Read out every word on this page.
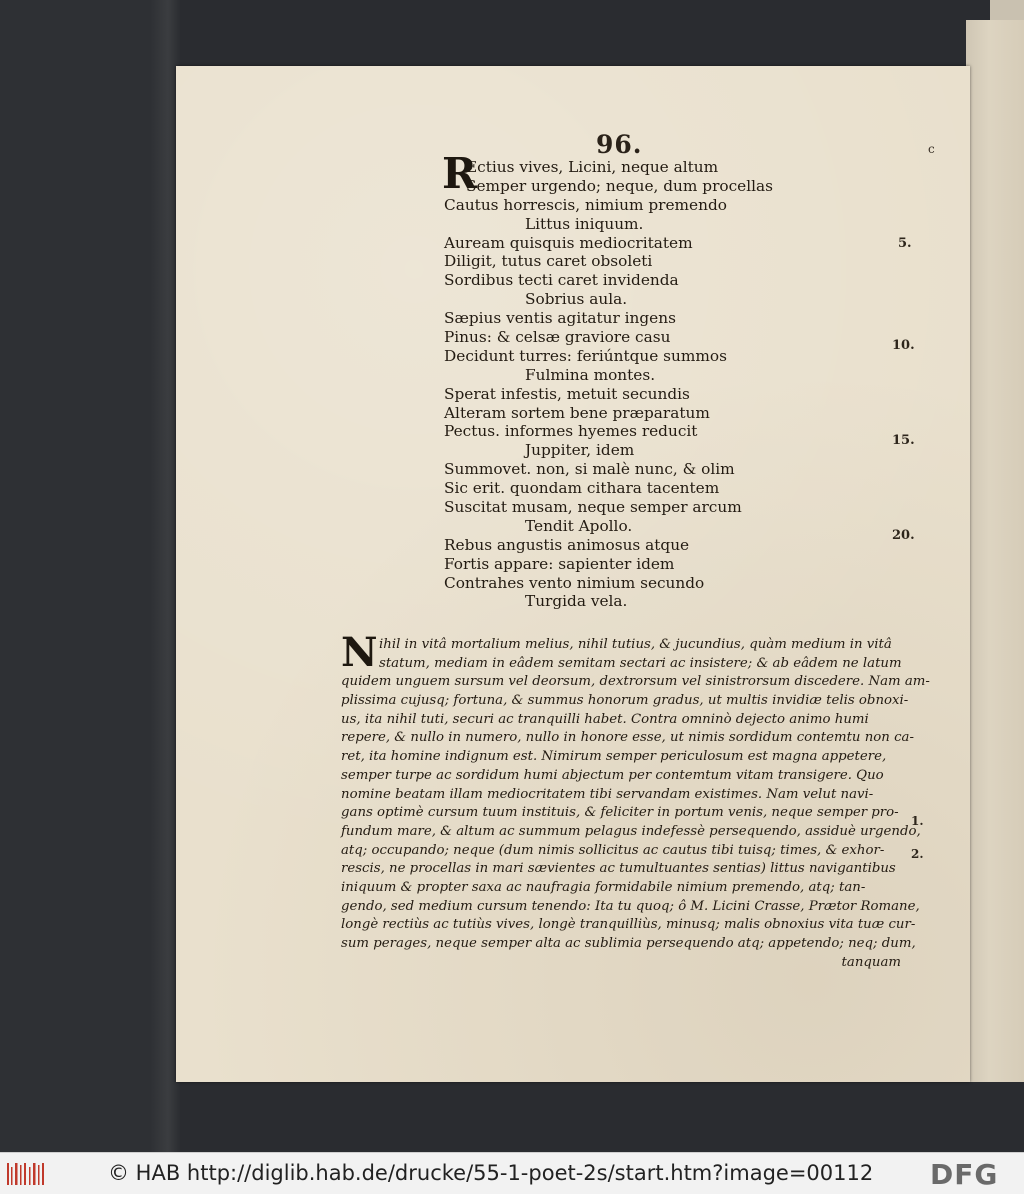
96.	c
R
Ectius vives, Licini, neque altum
Semper urgendo; neque, dum procellas
Cautus horrescis, nimium premendo
Littus iniquum.
Auream quisquis mediocritatem
Diligit, tutus caret obsoleti
Sordibus tecti caret invidenda
Sobrius aula.
Sæpius ventis agitatur ingens
Pinus: & celsæ graviore casu
Decidunt turres: feriúntque summos
Fulmina montes.
Sperat infestis, metuit secundis
Alteram sortem bene præparatum
Pectus. informes hyemes reducit
Juppiter, idem
Summovet. non, si malè nunc, & olim
Sic erit. quondam cithara tacentem
Suscitat musam, neque semper arcum
Tendit Apollo.
Rebus angustis animosus atque
Fortis appare: sapienter idem
Contrahes vento nimium secundo
Turgida vela.
5.
10.
15.
20.
N ihil in vitâ mortalium melius, nihil tutius, & jucundius, quàm medium in vitâ
statum, mediam in eâdem semitam sectari ac insistere; & ab eâdem ne latum
quidem unguem sursum vel deorsum, dextrorsum vel sinistrorsum discedere. Nam am-
plissima cujusq; fortuna, & summus honorum gradus, ut multis invidiæ telis obnoxi-
us, ita nihil tuti, securi ac tranquilli habet. Contra omninò dejecto animo humi
repere, & nullo in numero, nullo in honore esse, ut nimis sordidum contemtu non ca-
ret, ita homine indignum est. Nimirum semper periculosum est magna appetere,
semper turpe ac sordidum humi abjectum per contemtum vitam transigere. Quo
nomine beatam illam mediocritatem tibi servandam existimes. Nam velut navi-
gans optimè cursum tuum instituis, & feliciter in portum venis, neque semper pro-
fundum mare, & altum ac summum pelagus indefessè persequendo, assiduè urgendo,
atq; occupando; neque (dum nimis sollicitus ac cautus tibi tuisq; times, & exhor-
rescis, ne procellas in mari sævientes ac tumultuantes sentias) littus navigantibus
iniquum & propter saxa ac naufragia formidabile nimium premendo, atq; tan-
gendo, sed medium cursum tenendo: Ita tu quoq; ô M. Licini Crasse, Prætor Romane,
longè rectiùs ac tutiùs vives, longè tranquilliùs, minusq; malis obnoxius vita tuæ cur-
sum perages, neque semper alta ac sublimia persequendo atq; appetendo; neq; dum,
tanquam
1.
2.
© HAB http://diglib.hab.de/drucke/55-1-poet-2s/start.htm?image=00112 DFG
